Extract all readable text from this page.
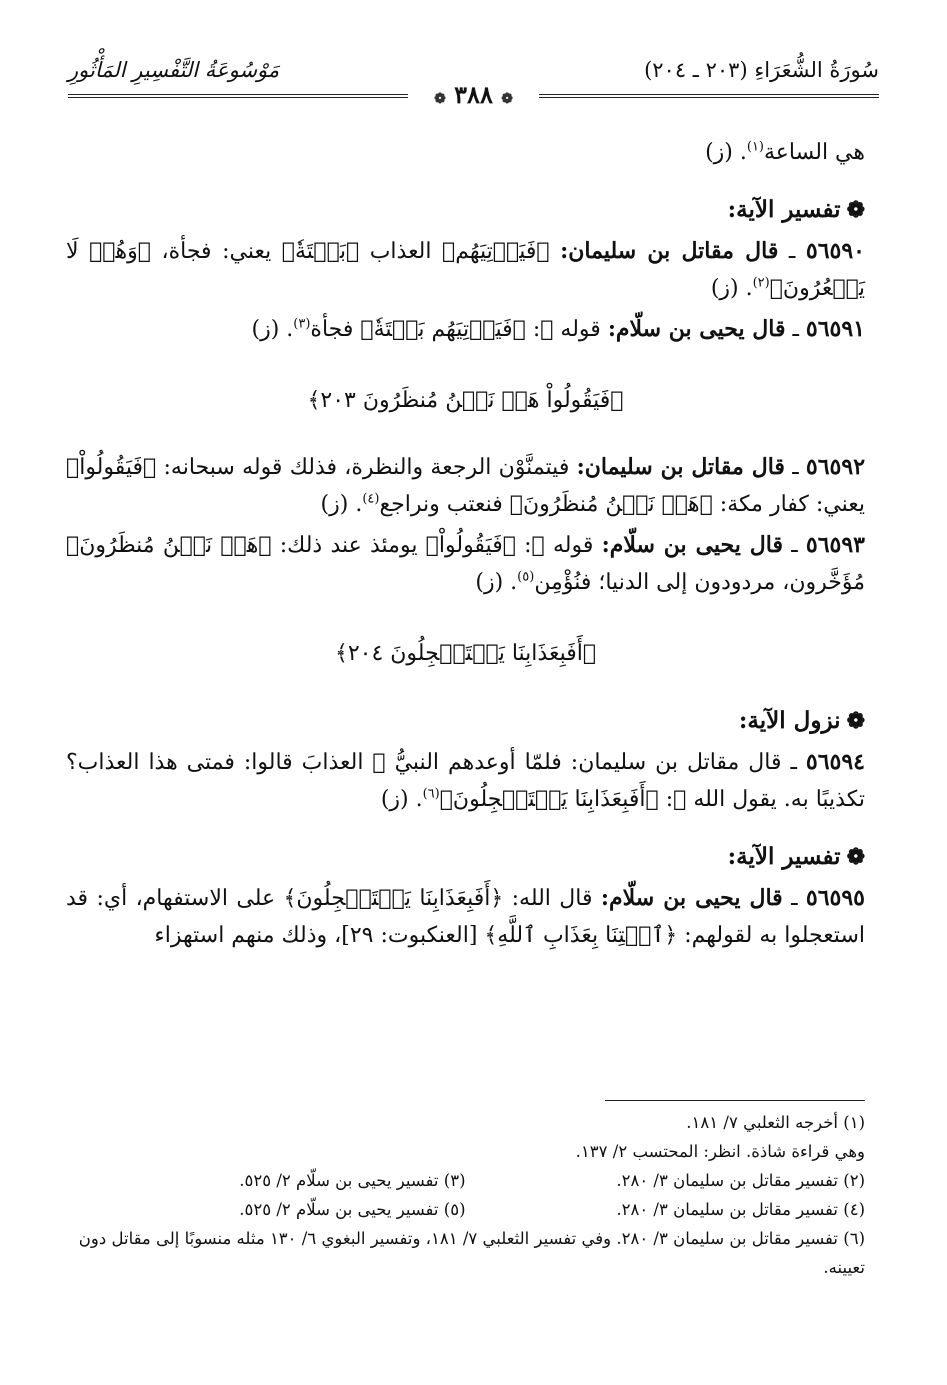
سُورَةُ الشُّعَرَاءِ (٢٠٣ ـ ٢٠٤)
مَوْسُوعَةُ التَّفْسِيرِ المَأْثُورِ
❁ ٣٨٨ ❁

هي الساعة$^{(١)}$. (ز)

❁تفسير الآية:

٥٦٥٩٠ ـ قال مقاتل بن سليمان: ﴿فَيَأۡتِيَهُم﴾ العذاب ﴿بَغۡتَةٗ﴾ يعني: فجأة، ﴿وَهُمۡ لَا يَشۡعُرُونَ﴾$^{(٢)}$. (ز)

٥٦٥٩١ ـ قال يحيى بن سلّام: قوله ﷻ: ﴿فَيَأۡتِيَهُم بَغۡتَةٗ﴾ فجأة$^{(٣)}$. (ز)

﴿فَيَقُولُواْ هَلۡ نَحۡنُ مُنظَرُونَ ٢٠٣﴾

٥٦٥٩٢ ـ قال مقاتل بن سليمان: فيتمنَّوْن الرجعة والنظرة، فذلك قوله سبحانه: ﴿فَيَقُولُواْ﴾ يعني: كفار مكة: ﴿هَلۡ نَحۡنُ مُنظَرُونَ﴾ فنعتب ونراجع$^{(٤)}$. (ز)

٥٦٥٩٣ ـ قال يحيى بن سلّام: قوله ﷻ: ﴿فَيَقُولُواْ﴾ يومئذ عند ذلك: ﴿هَلۡ نَحۡنُ مُنظَرُونَ﴾ مُؤَخَّرون، مردودون إلى الدنيا؛ فنُؤْمِن$^{(٥)}$. (ز)

﴿أَفَبِعَذَابِنَا يَسۡتَعۡجِلُونَ ٢٠٤﴾
❁نزول الآية:

٥٦٥٩٤ ـ قال مقاتل بن سليمان: فلمّا أوعدهم النبيُّ ﷺ العذابَ قالوا: فمتى هذا العذاب؟ تكذيبًا به. يقول الله ﷻ: ﴿أَفَبِعَذَابِنَا يَسۡتَعۡجِلُونَ﴾$^{(٦)}$. (ز)

❁تفسير الآية:

٥٦٥٩٥ ـ قال يحيى بن سلّام: قال الله: ﴿أَفَبِعَذَابِنَا يَسۡتَعۡجِلُونَ﴾ على الاستفهام، أي: قد استعجلوا به لقولهم: ﴿ٱئۡتِنَا بِعَذَابِ ٱللَّهِ﴾ [العنكبوت: ٢٩]، وذلك منهم استهزاء

(١) أخرجه الثعلبي ٧/ ١٨١.

وهي قراءة شاذة. انظر: المحتسب ٢/ ١٣٧.

(٢) تفسير مقاتل بن سليمان ٣/ ٢٨٠.
(٣) تفسير يحيى بن سلّام ٢/ ٥٢٥.
(٤) تفسير مقاتل بن سليمان ٣/ ٢٨٠.
(٥) تفسير يحيى بن سلّام ٢/ ٥٢٥.

(٦) تفسير مقاتل بن سليمان ٣/ ٢٨٠. وفي تفسير الثعلبي ٧/ ١٨١، وتفسير البغوي ٦/ ١٣٠ مثله منسوبًا إلى مقاتل دون تعيينه.
